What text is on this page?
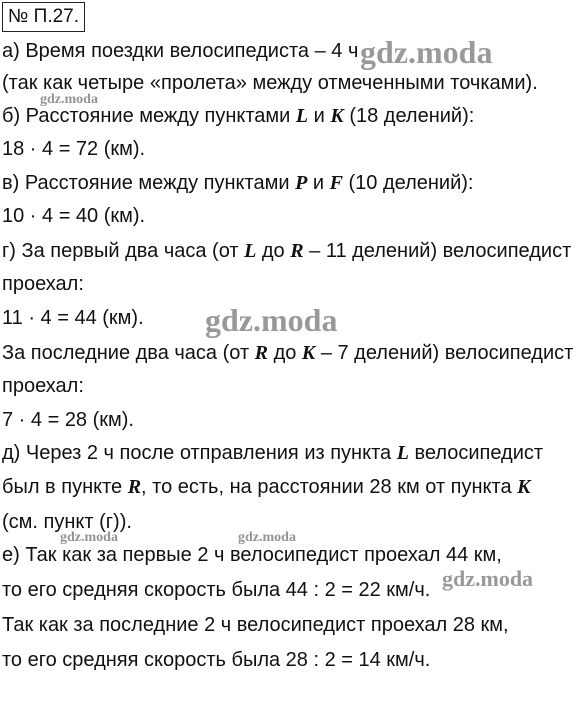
№ П.27.
а) Время поездки велосипедиста – 4 ч
(так как четыре «пролета» между отмеченными точками).
б) Расстояние между пунктами L и K (18 делений):
18 · 4 = 72 (км).
в) Расстояние между пунктами P и F (10 делений):
10 · 4 = 40 (км).
г) За первый два часа (от L до R – 11 делений) велосипедист
проехал:
11 · 4 = 44 (км).
За последние два часа (от R до K – 7 делений) велосипедист
проехал:
7 · 4 = 28 (км).
д) Через 2 ч после отправления из пункта L велосипедист
был в пункте R, то есть, на расстоянии 28 км от пункта K
(см. пункт (г)).
е) Так как за первые 2 ч велосипедист проехал 44 км,
то его средняя скорость была 44 : 2 = 22 км/ч.
Так как за последние 2 ч велосипедист проехал 28 км,
то его средняя скорость была 28 : 2 = 14 км/ч.
gdz.moda
gdz.moda
gdz.moda
gdz.moda	gdz.moda
gdz.moda
